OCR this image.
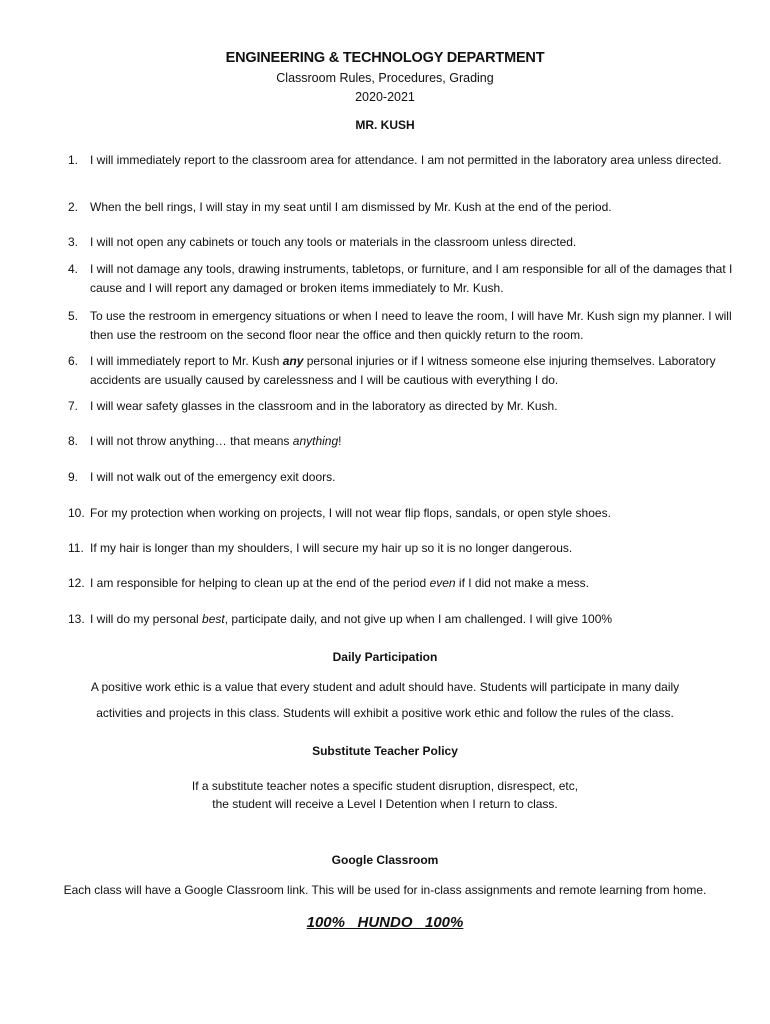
ENGINEERING & TECHNOLOGY DEPARTMENT
Classroom Rules, Procedures, Grading
2020-2021
MR. KUSH
1. I will immediately report to the classroom area for attendance. I am not permitted in the laboratory area unless directed.
2. When the bell rings, I will stay in my seat until I am dismissed by Mr. Kush at the end of the period.
3. I will not open any cabinets or touch any tools or materials in the classroom unless directed.
4. I will not damage any tools, drawing instruments, tabletops, or furniture, and I am responsible for all of the damages that I cause and I will report any damaged or broken items immediately to Mr. Kush.
5. To use the restroom in emergency situations or when I need to leave the room, I will have Mr. Kush sign my planner. I will then use the restroom on the second floor near the office and then quickly return to the room.
6. I will immediately report to Mr. Kush any personal injuries or if I witness someone else injuring themselves. Laboratory accidents are usually caused by carelessness and I will be cautious with everything I do.
7. I will wear safety glasses in the classroom and in the laboratory as directed by Mr. Kush.
8. I will not throw anything… that means anything!
9. I will not walk out of the emergency exit doors.
10. For my protection when working on projects, I will not wear flip flops, sandals, or open style shoes.
11. If my hair is longer than my shoulders, I will secure my hair up so it is no longer dangerous.
12. I am responsible for helping to clean up at the end of the period even if I did not make a mess.
13. I will do my personal best, participate daily, and not give up when I am challenged. I will give 100%
Daily Participation
A positive work ethic is a value that every student and adult should have. Students will participate in many daily
activities and projects in this class. Students will exhibit a positive work ethic and follow the rules of the class.
Substitute Teacher Policy
If a substitute teacher notes a specific student disruption, disrespect, etc,
the student will receive a Level I Detention when I return to class.
Google Classroom
Each class will have a Google Classroom link. This will be used for in-class assignments and remote learning from home.
100%   HUNDO   100%
